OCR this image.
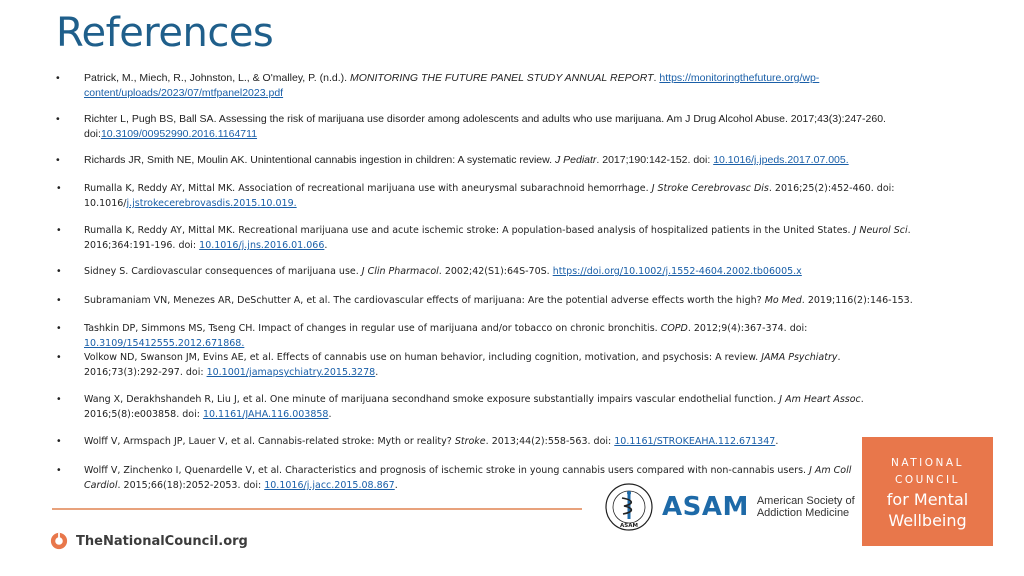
References
•	Patrick, M., Miech, R., Johnston, L., & O'malley, P. (n.d.). MONITORING THE FUTURE PANEL STUDY ANNUAL REPORT. https://monitoringthefuture.org/wp-content/uploads/2023/07/mtfpanel2023.pdf
•	Richter L, Pugh BS, Ball SA. Assessing the risk of marijuana use disorder among adolescents and adults who use marijuana. Am J Drug Alcohol Abuse. 2017;43(3):247-260. doi:10.3109/00952990.2016.1164711
•	Richards JR, Smith NE, Moulin AK. Unintentional cannabis ingestion in children: A systematic review. J Pediatr. 2017;190:142-152. doi: 10.1016/j.jpeds.2017.07.005.
•	Rumalla K, Reddy AY, Mittal MK. Association of recreational marijuana use with aneurysmal subarachnoid hemorrhage. J Stroke Cerebrovasc Dis. 2016;25(2):452-460. doi: 10.1016/j.jstrokecerebrovasdis.2015.10.019.
•	Rumalla K, Reddy AY, Mittal MK. Recreational marijuana use and acute ischemic stroke: A population-based analysis of hospitalized patients in the United States. J Neurol Sci. 2016;364:191-196. doi: 10.1016/j.jns.2016.01.066.
•	Sidney S. Cardiovascular consequences of marijuana use. J Clin Pharmacol. 2002;42(S1):64S-70S. https://doi.org/10.1002/j.1552-4604.2002.tb06005.x
•	Subramaniam VN, Menezes AR, DeSchutter A, et al. The cardiovascular effects of marijuana: Are the potential adverse effects worth the high? Mo Med. 2019;116(2):146-153.
•	Tashkin DP, Simmons MS, Tseng CH. Impact of changes in regular use of marijuana and/or tobacco on chronic bronchitis. COPD. 2012;9(4):367-374. doi: 10.3109/15412555.2012.671868.
•	Volkow ND, Swanson JM, Evins AE, et al. Effects of cannabis use on human behavior, including cognition, motivation, and psychosis: A review. JAMA Psychiatry. 2016;73(3):292-297. doi: 10.1001/jamapsychiatry.2015.3278.
•	Wang X, Derakhshandeh R, Liu J, et al. One minute of marijuana secondhand smoke exposure substantially impairs vascular endothelial function. J Am Heart Assoc. 2016;5(8):e003858. doi: 10.1161/JAHA.116.003858.
•	Wolff V, Armspach JP, Lauer V, et al. Cannabis-related stroke: Myth or reality? Stroke. 2013;44(2):558-563. doi: 10.1161/STROKEAHA.112.671347.
•	Wolff V, Zinchenko I, Quenardelle V, et al. Characteristics and prognosis of ischemic stroke in young cannabis users compared with non-cannabis users. J Am Coll Cardiol. 2015;66(18):2052-2053. doi: 10.1016/j.jacc.2015.08.867.
TheNationalCouncil.org
ASAM
ASAM American Society of
Addiction Medicine
NATIONAL
COUNCIL
for Mental
Wellbeing
